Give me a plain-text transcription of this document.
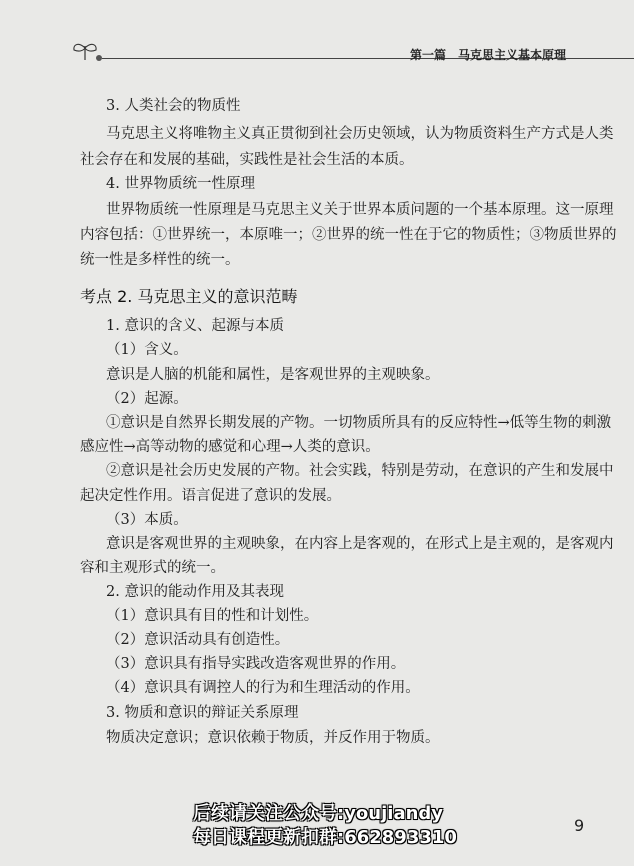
第一篇　马克思主义基本原理
3. 人类社会的物质性
马克思主义将唯物主义真正贯彻到社会历史领域，认为物质资料生产方式是人类
社会存在和发展的基础，实践性是社会生活的本质。
4. 世界物质统一性原理
世界物质统一性原理是马克思主义关于世界本质问题的一个基本原理。这一原理
内容包括：①世界统一，本原唯一；②世界的统一性在于它的物质性；③物质世界的
统一性是多样性的统一。
考点 2. 马克思主义的意识范畴
1. 意识的含义、起源与本质
（1）含义。
意识是人脑的机能和属性，是客观世界的主观映象。
（2）起源。
①意识是自然界长期发展的产物。一切物质所具有的反应特性→低等生物的刺激
感应性→高等动物的感觉和心理→人类的意识。
②意识是社会历史发展的产物。社会实践，特别是劳动，在意识的产生和发展中
起决定性作用。语言促进了意识的发展。
（3）本质。
意识是客观世界的主观映象，在内容上是客观的，在形式上是主观的，是客观内
容和主观形式的统一。
2. 意识的能动作用及其表现
（1）意识具有目的性和计划性。
（2）意识活动具有创造性。
（3）意识具有指导实践改造客观世界的作用。
（4）意识具有调控人的行为和生理活动的作用。
3. 物质和意识的辩证关系原理
物质决定意识；意识依赖于物质，并反作用于物质。
后续请关注公众号:youjiandy
每日课程更新扣群:662893310
9
